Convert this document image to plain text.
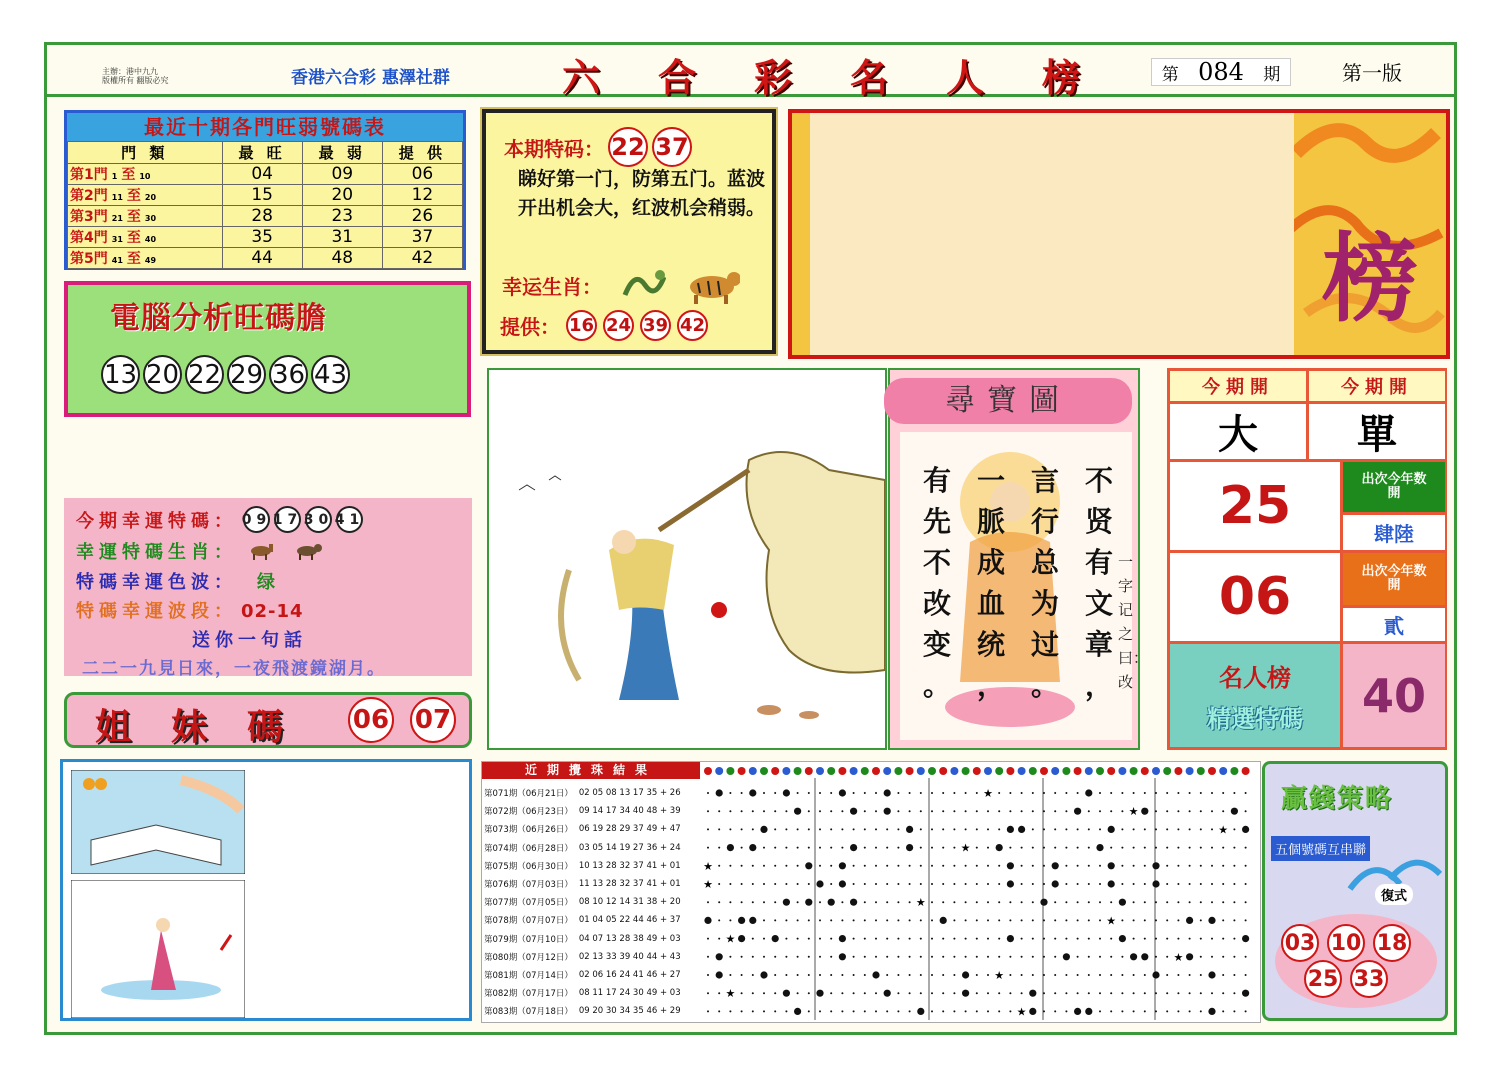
主辦：港中九九
版權所有 翻版必究	香港六合彩 惠澤社群	六合彩名人榜 第 084 期	第一版
最近十期各門旺弱號碼表
門 類	最 旺	最 弱	提 供
第1門 1 至 10	04	09	06
第2門 11 至 20	15	20	12
第3門 21 至 30	28	23	26
第4門 31 至 40	35	31	37
第5門 41 至 49	44	48	42
電腦分析旺碼膽
13 20 22 29 36 43
本期特码： 22 37
睇好第一门，防第五门。蓝波开出机会大，红波机会稍弱。
幸运生肖：
提供： 16 24 39 42	榜
今期幸運特碼： 09 17 30 41
幸運特碼生肖：
特碼幸運色波： 绿
特碼幸運波段： 02-14
送你一句話
二二一九見日來，一夜飛渡鏡湖月。
姐妹碼 06 07
尋寶圖
不
贤
有
文
章
，
言
行
总
为
过
。
一
脈
成
血
统
，
有
先
不
改
变
。
一字记之曰：改
今期開	今期開
大	單
25	出次今年数開
肆陸
06	出次今年数開
貳
名人榜
精選特碼	40
近期攪珠結果
第071期（06月21日） 02 05 08 13 17 35 + 26
第072期（06月23日） 09 14 17 34 40 48 + 39
第073期（06月26日） 06 19 28 29 37 49 + 47
第074期（06月28日） 03 05 14 19 27 36 + 24
第075期（06月30日） 10 13 28 32 37 41 + 01
第076期（07月03日） 11 13 28 32 37 41 + 01
第077期（07月05日） 08 10 12 14 31 38 + 20
第078期（07月07日） 01 04 05 22 44 46 + 37
第079期（07月10日） 04 07 13 28 38 49 + 03
第080期（07月12日） 02 13 33 39 40 44 + 43
第081期（07月14日） 02 06 16 24 41 46 + 27
第082期（07月17日） 08 11 17 24 30 49 + 03
第083期（07月18日） 09 20 30 34 35 46 + 29
★
★
★
★
★
★
★
★
★
★
★
★
★
贏錢策略
五個號碼互串聯
復式
03 10 18
25 33
